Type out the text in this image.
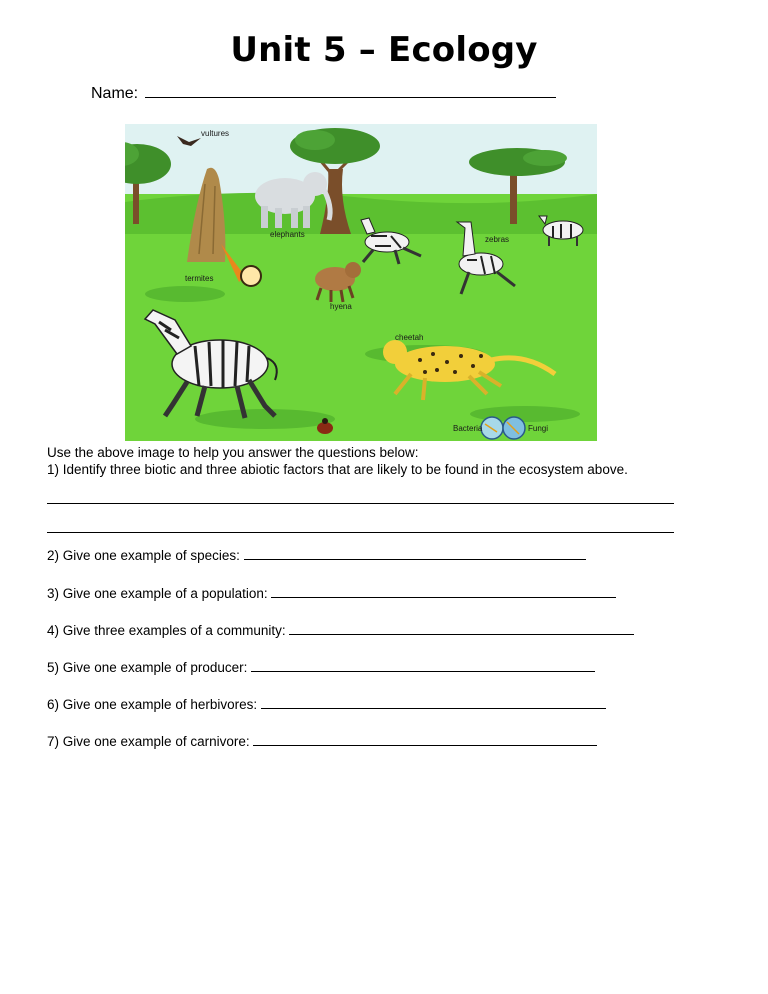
Unit 5 – Ecology
Name:
vultures
termites
elephants
zebras
hyena
cheetah
Bacteria	Fungi
Use the above image to help you answer the questions below:
1) Identify three biotic and three abiotic factors that are likely to be found in the ecosystem above.
2) Give one example of species:
3) Give one example of a population:
4) Give three examples of a community:
5) Give one example of producer:
6) Give one example of herbivores:
7) Give one example of carnivore:
